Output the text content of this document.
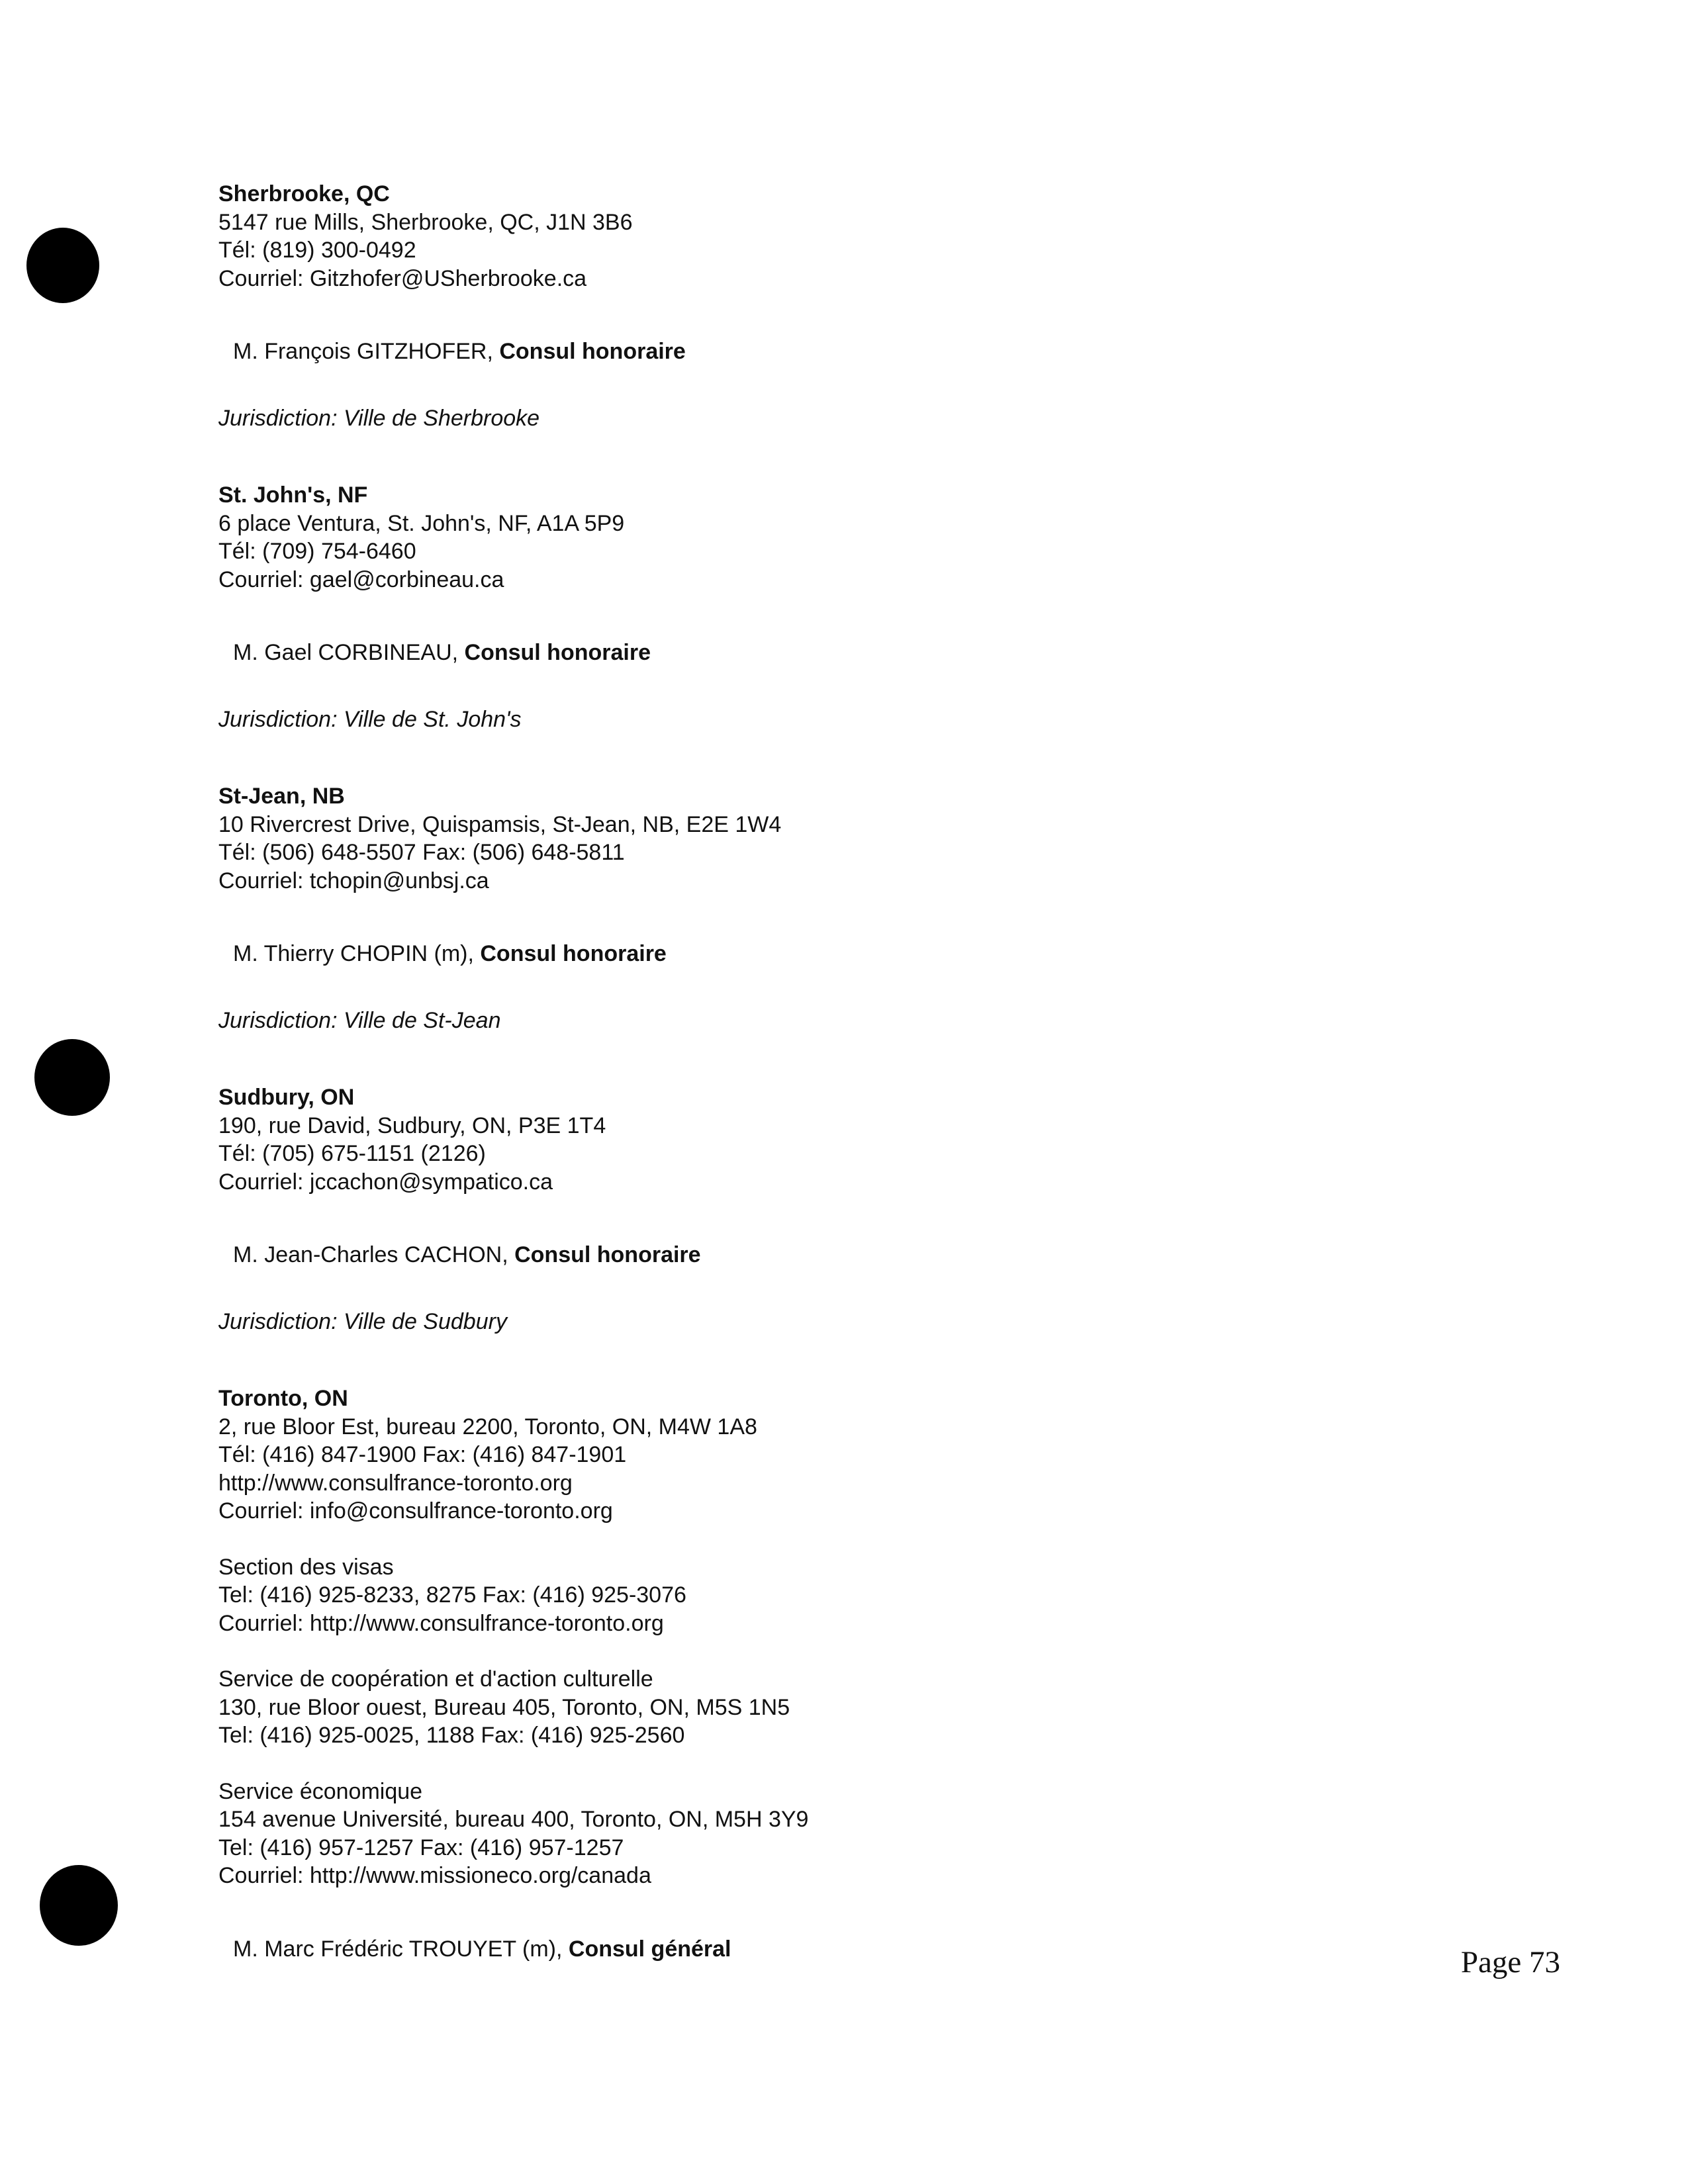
Sherbrooke, QC
5147 rue Mills, Sherbrooke, QC, J1N 3B6
Tél: (819) 300-0492
Courriel: Gitzhofer@USherbrooke.ca
M. François GITZHOFER, Consul honoraire
Jurisdiction: Ville de Sherbrooke
St. John's, NF
6 place Ventura, St. John's, NF, A1A 5P9
Tél: (709) 754-6460
Courriel: gael@corbineau.ca
M. Gael CORBINEAU, Consul honoraire
Jurisdiction: Ville de St. John's
St-Jean, NB
10 Rivercrest Drive, Quispamsis, St-Jean, NB, E2E 1W4
Tél: (506) 648-5507 Fax: (506) 648-5811
Courriel: tchopin@unbsj.ca
M. Thierry CHOPIN (m), Consul honoraire
Jurisdiction: Ville de St-Jean
Sudbury, ON
190, rue David, Sudbury, ON, P3E 1T4
Tél: (705) 675-1151 (2126)
Courriel: jccachon@sympatico.ca
M. Jean-Charles CACHON, Consul honoraire
Jurisdiction: Ville de Sudbury
Toronto, ON
2, rue Bloor Est, bureau 2200, Toronto, ON, M4W 1A8
Tél: (416) 847-1900 Fax: (416) 847-1901
http://www.consulfrance-toronto.org
Courriel: info@consulfrance-toronto.org
Section des visas
Tel: (416) 925-8233, 8275 Fax: (416) 925-3076
Courriel: http://www.consulfrance-toronto.org
Service de coopération et d'action culturelle
130, rue Bloor ouest, Bureau 405, Toronto, ON, M5S 1N5
Tel: (416) 925-0025, 1188 Fax: (416) 925-2560
Service économique
154 avenue Université, bureau 400, Toronto, ON, M5H 3Y9
Tel: (416) 957-1257 Fax: (416) 957-1257
Courriel: http://www.missioneco.org/canada
M. Marc Frédéric TROUYET (m), Consul général	Page 73
